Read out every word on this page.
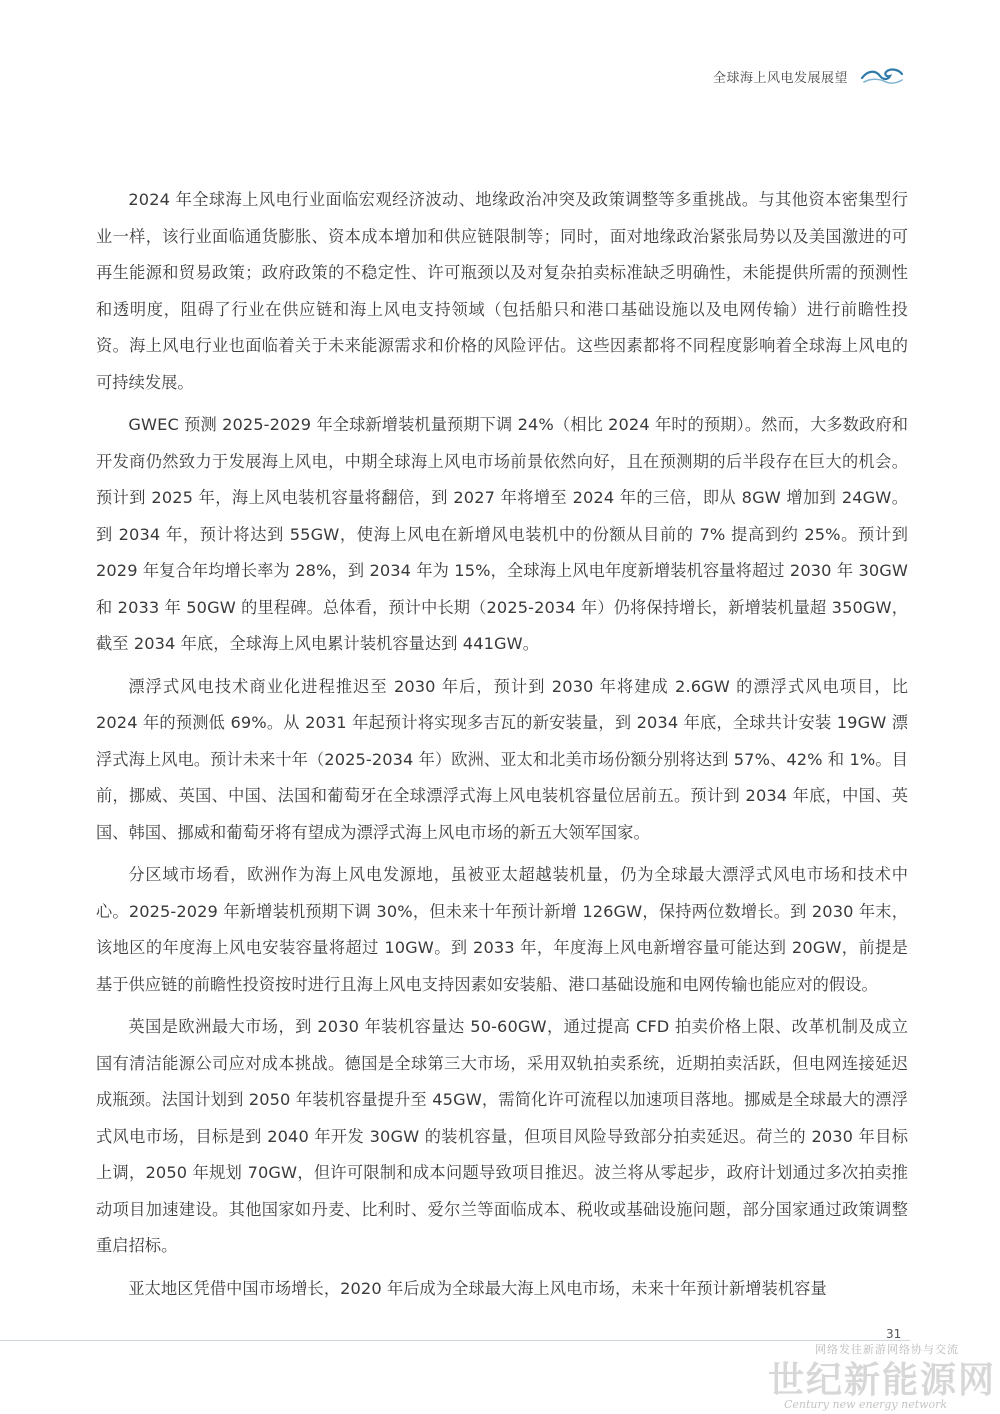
全球海上风电发展展望

2024 年全球海上风电行业面临宏观经济波动、地缘政治冲突及政策调整等多重挑战。与其他资本密集型行业一样，该行业面临通货膨胀、资本成本增加和供应链限制等；同时，面对地缘政治紧张局势以及美国激进的可再生能源和贸易政策；政府政策的不稳定性、许可瓶颈以及对复杂拍卖标准缺乏明确性，未能提供所需的预测性和透明度，阻碍了行业在供应链和海上风电支持领域（包括船只和港口基础设施以及电网传输）进行前瞻性投资。海上风电行业也面临着关于未来能源需求和价格的风险评估。这些因素都将不同程度影响着全球海上风电的可持续发展。

GWEC 预测 2025-2029 年全球新增装机量预期下调 24%（相比 2024 年时的预期）。然而，大多数政府和开发商仍然致力于发展海上风电，中期全球海上风电市场前景依然向好，且在预测期的后半段存在巨大的机会。预计到 2025 年，海上风电装机容量将翻倍，到 2027 年将增至 2024 年的三倍，即从 8GW 增加到 24GW。到 2034 年，预计将达到 55GW，使海上风电在新增风电装机中的份额从目前的 7% 提高到约 25%。预计到 2029 年复合年均增长率为 28%，到 2034 年为 15%，全球海上风电年度新增装机容量将超过 2030 年 30GW 和 2033 年 50GW 的里程碑。总体看，预计中长期（2025-2034 年）仍将保持增长，新增装机量超 350GW，截至 2034 年底，全球海上风电累计装机容量达到 441GW。

漂浮式风电技术商业化进程推迟至 2030 年后，预计到 2030 年将建成 2.6GW 的漂浮式风电项目，比 2024 年的预测低 69%。从 2031 年起预计将实现多吉瓦的新安装量，到 2034 年底，全球共计安装 19GW 漂浮式海上风电。预计未来十年（2025-2034 年）欧洲、亚太和北美市场份额分别将达到 57%、42% 和 1%。目前，挪威、英国、中国、法国和葡萄牙在全球漂浮式海上风电装机容量位居前五。预计到 2034 年底，中国、英国、韩国、挪威和葡萄牙将有望成为漂浮式海上风电市场的新五大领军国家。

分区域市场看，欧洲作为海上风电发源地，虽被亚太超越装机量，仍为全球最大漂浮式风电市场和技术中心。2025-2029 年新增装机预期下调 30%，但未来十年预计新增 126GW，保持两位数增长。到 2030 年末，该地区的年度海上风电安装容量将超过 10GW。到 2033 年，年度海上风电新增容量可能达到 20GW，前提是基于供应链的前瞻性投资按时进行且海上风电支持因素如安装船、港口基础设施和电网传输也能应对的假设。

英国是欧洲最大市场，到 2030 年装机容量达 50-60GW，通过提高 CFD 拍卖价格上限、改革机制及成立国有清洁能源公司应对成本挑战。德国是全球第三大市场，采用双轨拍卖系统，近期拍卖活跃，但电网连接延迟成瓶颈。法国计划到 2050 年装机容量提升至 45GW，需简化许可流程以加速项目落地。挪威是全球最大的漂浮式风电市场，目标是到 2040 年开发 30GW 的装机容量，但项目风险导致部分拍卖延迟。荷兰的 2030 年目标上调，2050 年规划 70GW，但许可限制和成本问题导致项目推迟。波兰将从零起步，政府计划通过多次拍卖推动项目加速建设。其他国家如丹麦、比利时、爱尔兰等面临成本、税收或基础设施问题，部分国家通过政策调整重启招标。

亚太地区凭借中国市场增长，2020 年后成为全球最大海上风电市场，未来十年预计新增装机容量

31
网络发往新游网络协与交流
世纪新能源网
Century new energy network
